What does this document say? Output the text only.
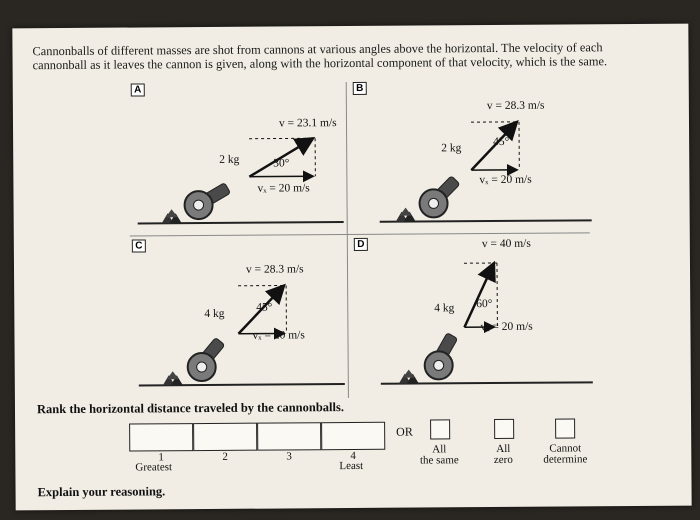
Cannonballs of different masses are shot from cannons at various angles above the horizontal. The velocity of each
cannonball as it leaves the cannon is given, along with the horizontal component of that velocity, which is the same.
A	B
C	D
v = 23.1 m/s
2 kg	30°
vₓ = 20 m/s
v = 28.3 m/s
2 kg
45°
vₓ = 20 m/s
v = 28.3 m/s
4 kg
45°
vₓ = 20 m/s
v = 40 m/s
4 kg 60°
vₓ = 20 m/s
Rank the horizontal distance traveled by the cannonballs.
1	2	3	4
Greatest	Least
OR
All
the same
All
zero
Cannot
determine
Explain your reasoning.
